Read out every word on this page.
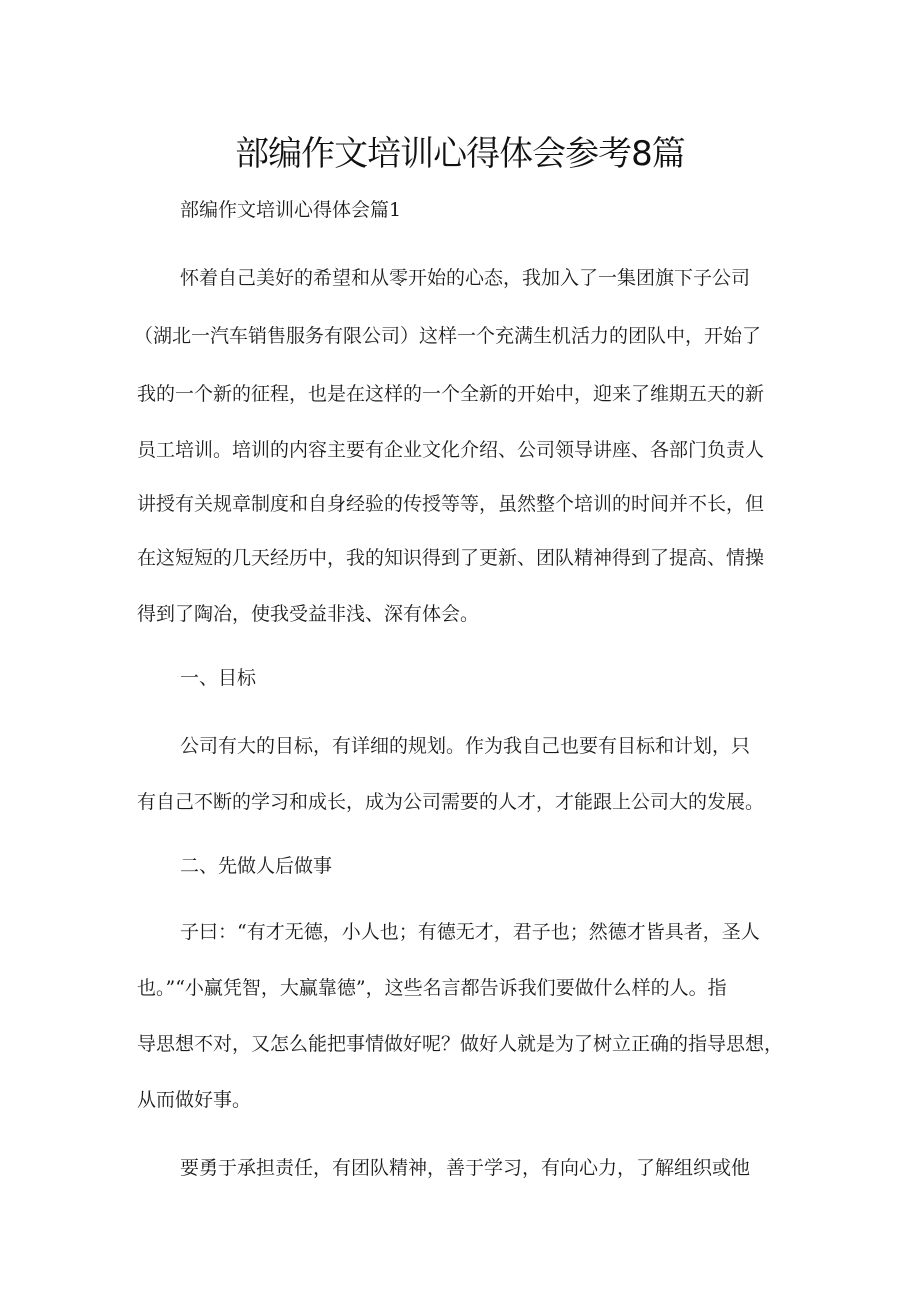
部编作文培训心得体会参考8篇
部编作文培训心得体会篇1
怀着自己美好的希望和从零开始的心态，我加入了一集团旗下子公司
（湖北一汽车销售服务有限公司）这样一个充满生机活力的团队中，开始了
我的一个新的征程，也是在这样的一个全新的开始中，迎来了维期五天的新
员工培训。培训的内容主要有企业文化介绍、公司领导讲座、各部门负责人
讲授有关规章制度和自身经验的传授等等，虽然整个培训的时间并不长，但
在这短短的几天经历中，我的知识得到了更新、团队精神得到了提高、情操
得到了陶冶，使我受益非浅、深有体会。
一、目标
公司有大的目标，有详细的规划。作为我自己也要有目标和计划，只
有自己不断的学习和成长，成为公司需要的人才，才能跟上公司大的发展。
二、先做人后做事
子曰：“有才无德，小人也；有德无才，君子也；然德才皆具者，圣人
也。”“小赢凭智，大赢靠德”，这些名言都告诉我们要做什么样的人。指
导思想不对，又怎么能把事情做好呢？做好人就是为了树立正确的指导思想，
从而做好事。
要勇于承担责任，有团队精神，善于学习，有向心力，了解组织或他
